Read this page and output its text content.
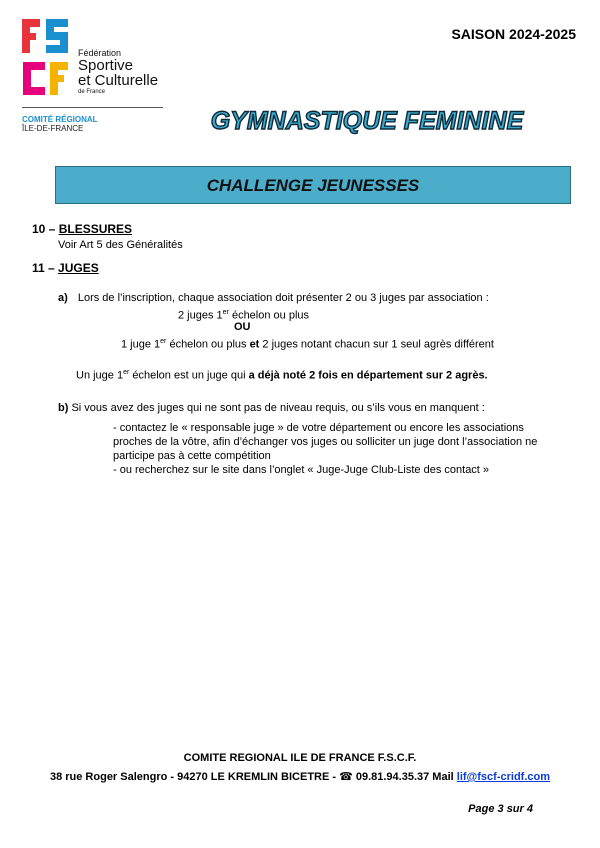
Fédération
Sportive
et Culturelle
de France
COMITÉ RÉGIONAL
ÎLE-DE-FRANCE
SAISON 2024-2025
GYMNASTIQUE FEMININE
CHALLENGE JEUNESSES
10 – BLESSURES
Voir Art 5 des Généralités
11 – JUGES
a) Lors de l’inscription, chaque association doit présenter 2 ou 3 juges par association :
2 juges 1er échelon ou plus
OU
1 juge 1er échelon ou plus et 2 juges notant chacun sur 1 seul agrès différent
Un juge 1er échelon est un juge qui a déjà noté 2 fois en département sur 2 agrès.
b) Si vous avez des juges qui ne sont pas de niveau requis, ou s’ils vous en manquent :
- contactez le « responsable juge » de votre département ou encore les associations
proches de la vôtre, afin d’échanger vos juges ou solliciter un juge dont l’association ne
participe pas à cette compétition
- ou recherchez sur le site dans l’onglet « Juge-Juge Club-Liste des contact »
COMITE REGIONAL ILE DE FRANCE F.S.C.F.
38 rue Roger Salengro - 94270 LE KREMLIN BICETRE - ☎ 09.81.94.35.37 Mail lif@fscf-cridf.com
Page 3 sur 4
